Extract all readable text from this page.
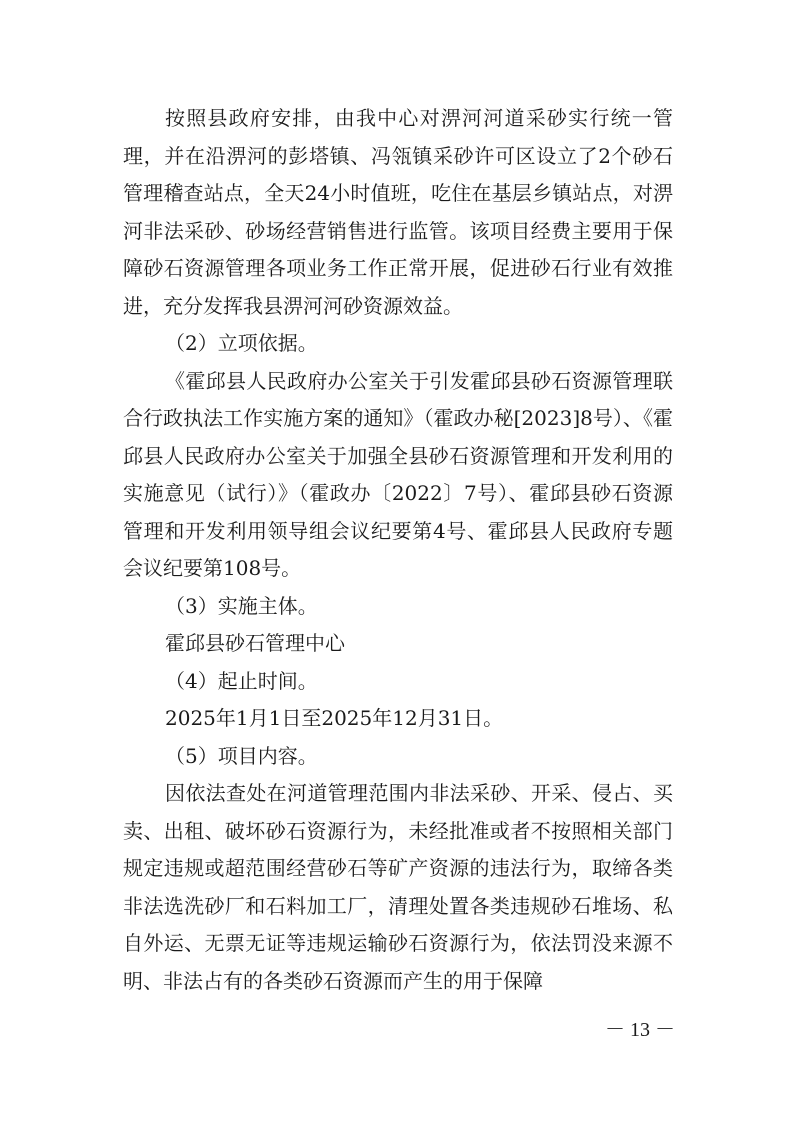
按照县政府安排，由我中心对淠河河道采砂实行统一管理，并在沿淠河的彭塔镇、冯瓴镇采砂许可区设立了2个砂石管理稽查站点，全天24小时值班，吃住在基层乡镇站点，对淠河非法采砂、砂场经营销售进行监管。该项目经费主要用于保障砂石资源管理各项业务工作正常开展，促进砂石行业有效推进，充分发挥我县淠河河砂资源效益。

（2）立项依据。

《霍邱县人民政府办公室关于引发霍邱县砂石资源管理联合行政执法工作实施方案的通知》（霍政办秘[2023]8号）、《霍邱县人民政府办公室关于加强全县砂石资源管理和开发利用的实施意见（试行）》（霍政办〔2022〕7号）、霍邱县砂石资源管理和开发利用领导组会议纪要第4号、霍邱县人民政府专题会议纪要第108号。

（3）实施主体。

霍邱县砂石管理中心

（4）起止时间。

2025年1月1日至2025年12月31日。

（5）项目内容。

因依法查处在河道管理范围内非法采砂、开采、侵占、买卖、出租、破坏砂石资源行为，未经批准或者不按照相关部门规定违规或超范围经营砂石等矿产资源的违法行为，取缔各类非法选洗砂厂和石料加工厂，清理处置各类违规砂石堆场、私自外运、无票无证等违规运输砂石资源行为，依法罚没来源不明、非法占有的各类砂石资源而产生的用于保障

－ 13 －
